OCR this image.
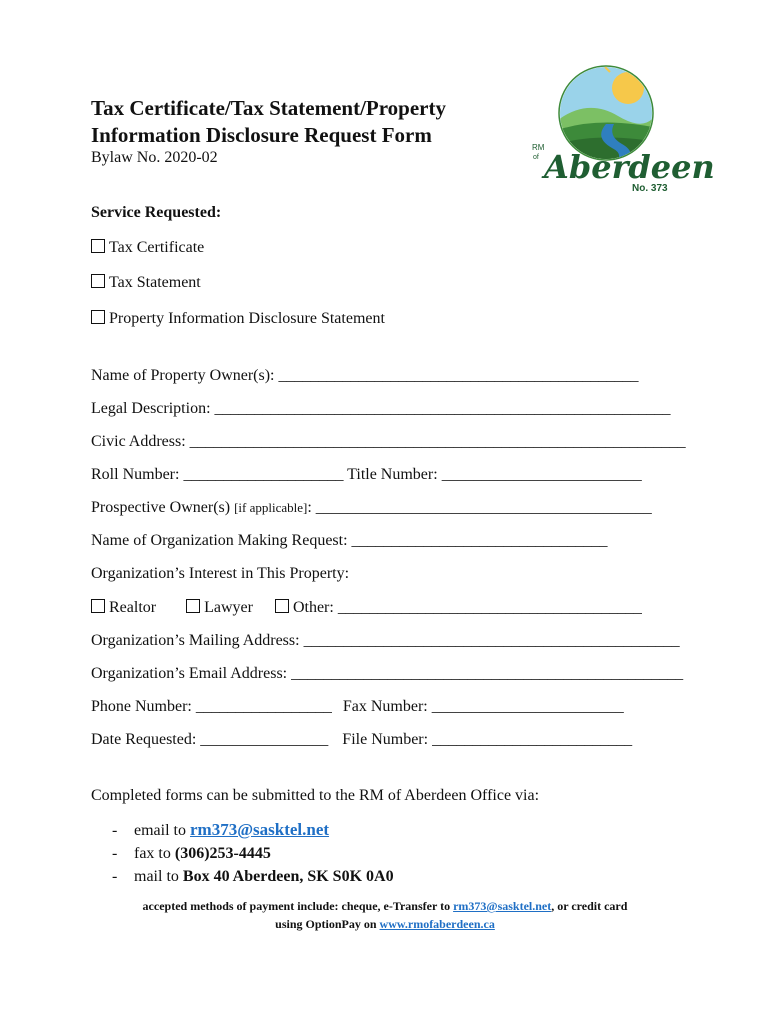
Tax Certificate/Tax Statement/Property
Information Disclosure Request Form
Bylaw No. 2020-02
RM
of Aberdeen
No. 373
Service Requested:
Tax Certificate
Tax Statement
Property Information Disclosure Statement
Name of Property Owner(s): _____________________________________________
Legal Description: _________________________________________________________
Civic Address: ______________________________________________________________
Roll Number: ____________________ Title Number: _________________________
Prospective Owner(s) [if applicable]: __________________________________________
Name of Organization Making Request: ________________________________
Organization’s Interest in This Property:
Realtor	Lawyer	Other: ______________________________________
Organization’s Mailing Address: _______________________________________________
Organization’s Email Address: _________________________________________________
Phone Number: _________________ Fax Number: ________________________
Date Requested: ________________ File Number: _________________________
Completed forms can be submitted to the RM of Aberdeen Office via:
- email to rm373@sasktel.net
- fax to (306)253-4445
- mail to Box 40 Aberdeen, SK S0K 0A0
accepted methods of payment include: cheque, e-Transfer to rm373@sasktel.net, or credit card
using OptionPay on www.rmofaberdeen.ca
